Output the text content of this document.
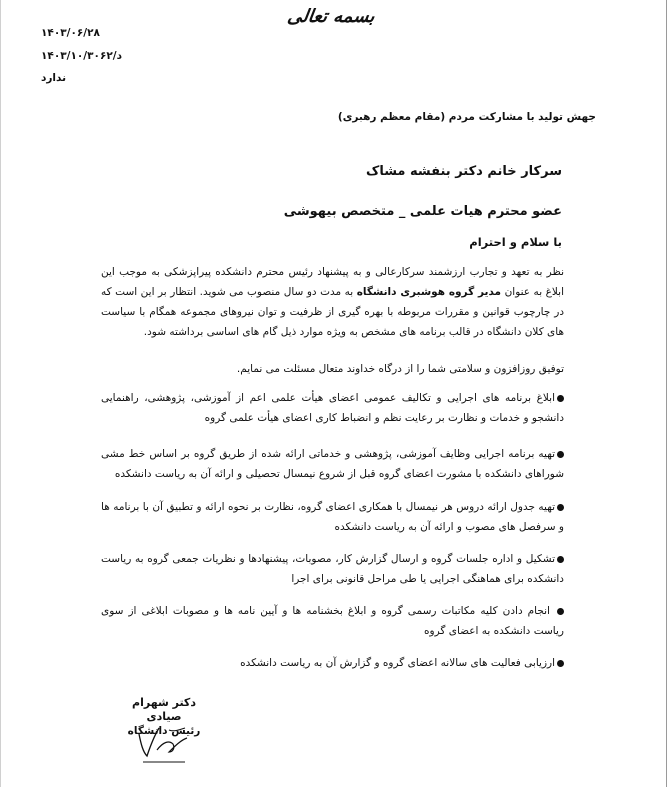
بسمه تعالی
۱۴۰۳/۰۶/۲۸
۱۴۰۳/د/۱۰/۳۰۶۲
ندارد
جهش تولید با مشارکت مردم (مقام معظم رهبری)
سرکار خانم دکتر بنفشه مشاک
عضو محترم هیات علمی _ متخصص بیهوشی
با سلام و احترام
نظر به تعهد و تجارب ارزشمند سرکارعالی و به پیشنهاد رئیس محترم دانشکده پیراپزشکی به موجب این ابلاغ به عنوان مدیر گروه هوشبری دانشگاه به مدت دو سال منصوب می شوید. انتظار بر این است که در چارچوب قوانین و مقررات مربوطه با بهره گیری از ظرفیت و توان نیروهای مجموعه همگام با سیاست های کلان دانشگاه در قالب برنامه های مشخص به ویژه موارد ذیل گام های اساسی برداشته شود.
توفیق روزافزون و سلامتی شما را از درگاه خداوند متعال مسئلت می نمایم.
ابلاغ برنامه های اجرایی و تکالیف عمومی اعضای هیأت علمی اعم از آموزشی، پژوهشی، راهنمایی دانشجو و خدمات و نظارت بر رعایت نظم و انضباط کاری اعضای هیأت علمی گروه
تهیه برنامه اجرایی وظایف آموزشی، پژوهشی و خدماتی ارائه شده از طریق گروه بر اساس خط مشی شوراهای دانشکده با مشورت اعضای گروه قبل از شروع نیمسال تحصیلی و ارائه آن به ریاست دانشکده
تهیه جدول ارائه دروس هر نیمسال با همکاری اعضای گروه، نظارت بر نحوه ارائه و تطبیق آن با برنامه ها و سرفصل های مصوب و ارائه آن به ریاست دانشکده
تشکیل و اداره جلسات گروه و ارسال گزارش کار، مصوبات، پیشنهادها و نظریات جمعی گروه به ریاست دانشکده برای هماهنگی اجرایی یا طی مراحل قانونی برای اجرا
انجام دادن کلیه مکاتبات رسمی گروه و ابلاغ بخشنامه ها و آیین نامه ها و مصوبات ابلاغی از سوی ریاست دانشکده به اعضای گروه
ارزیابی فعالیت های سالانه اعضای گروه و گزارش آن به ریاست دانشکده
دکتر شهرام صیادی
رئیس دانشگاه
